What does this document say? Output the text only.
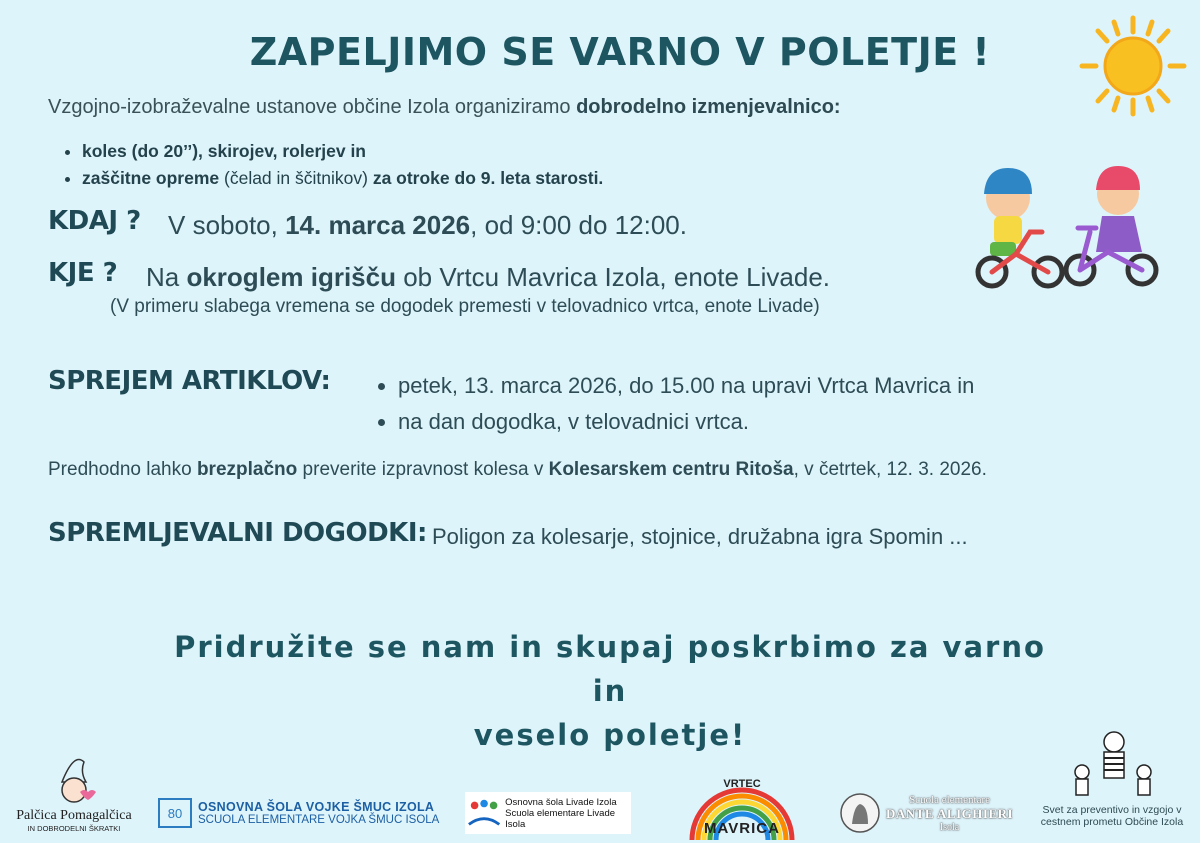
ZAPELJIMO SE VARNO V POLETJE !
Vzgojno-izobraževalne ustanove občine Izola organiziramo dobrodelno izmenjevalnico:
• koles (do 20’’), skirojev, rolerjev in
• zaščitne opreme (čelad in ščitnikov) za otroke do 9. leta starosti.
KDAJ ? V soboto, 14. marca 2026, od 9:00 do 12:00.
KJE ? Na okroglem igrišču ob Vrtcu Mavrica Izola, enote Livade.
(V primeru slabega vremena se dogodek premesti v telovadnico vrtca, enote Livade)
SPREJEM ARTIKLOV:
•	petek, 13. marca 2026, do 15.00 na upravi Vrtca Mavrica in
• na dan dogodka, v telovadnici vrtca.
Predhodno lahko brezplačno preverite izpravnost kolesa v Kolesarskem centru Ritoša, v četrtek, 12. 3. 2026.
SPREMLJEVALNI DOGODKI: Poligon za kolesarje, stojnice, družabna igra Spomin ...
Pridružite se nam in skupaj poskrbimo za varno in
veselo poletje!
Palčica Pomagalčica
IN DOBRODELNI ŠKRATKI
80 OSNOVNA ŠOLA VOJKE ŠMUC IZOLA
SCUOLA ELEMENTARE VOJKA ŠMUC ISOLA
Osnovna šola Livade Izola
Scuola elementare Livade Isola
VRTEC
MAVRICA
Scuola elementare
DANTE ALIGHIERI
Isola
Svet za preventivo in vzgojo v
cestnem prometu Občine Izola
